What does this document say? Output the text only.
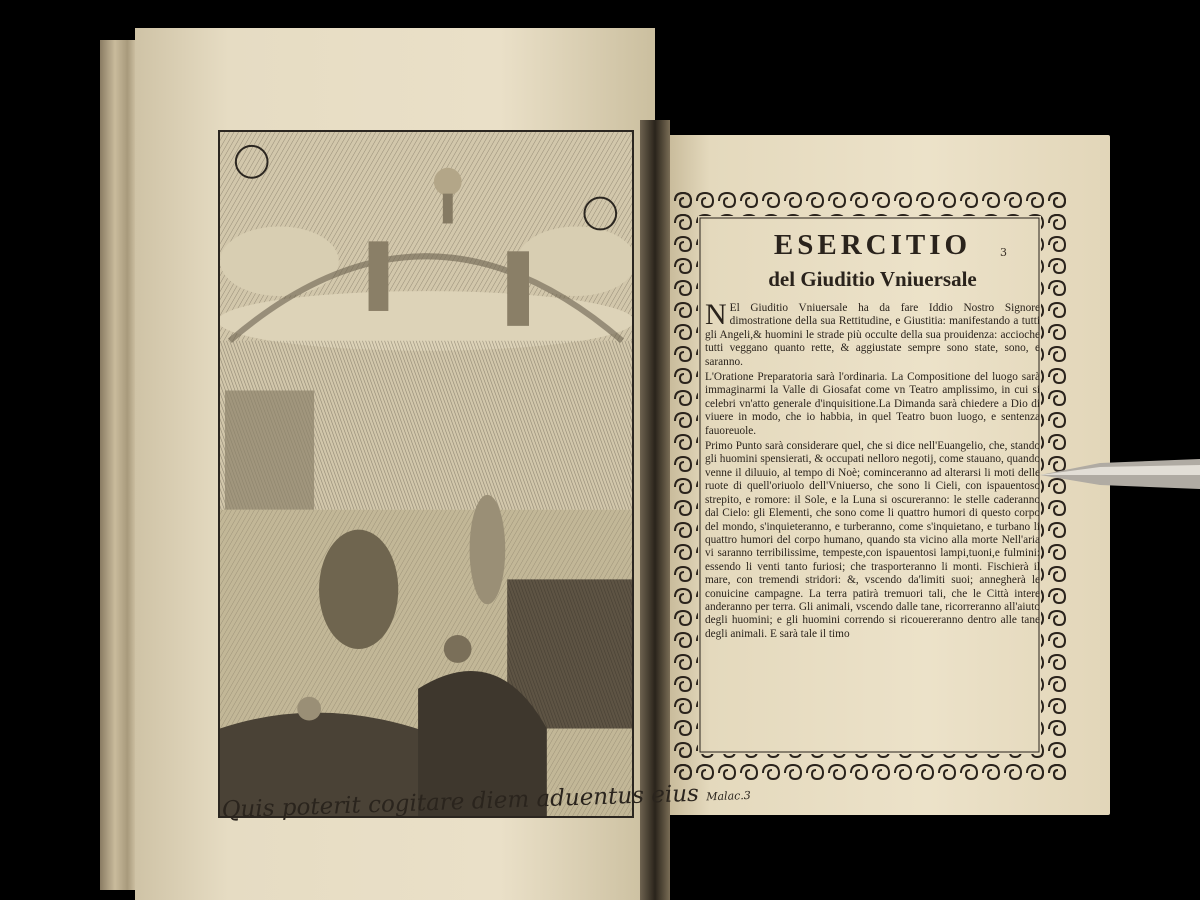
Quis poterit cogitare diem aduentus eius Malac.3
3
ESERCITIO
del Giuditio Vniuersale

N El Giuditio Vniuersale ha da fare Iddio Nostro Signore dimostratione della sua Rettitudine, e Giustitia: manifestando a tutti gli Angeli,& huomini le strade più occulte della sua prouidenza: accioche tutti veggano quanto rette, & aggiustate sempre sono state, sono, e saranno.

L'Oratione Preparatoria sarà l'ordinaria. La Compositione del luogo sarà immaginarmi la Valle di Giosafat come vn Teatro amplissimo, in cui si celebri vn'atto generale d'inquisitione.La Dimanda sarà chiedere a Dio di viuere in modo, che io habbia, in quel Teatro buon luogo, e sentenza fauoreuole.

Primo Punto sarà considerare quel, che si dice nell'Euangelio, che, stando gli huomini spensierati, & occupati nelloro negotij, come stauano, quando venne il diluuio, al tempo di Noè; cominceranno ad alterarsi li moti delle ruote di quell'oriuolo dell'Vniuerso, che sono li Cieli, con ispauentoso strepito, e romore: il Sole, e la Luna si oscureranno: le stelle caderanno dal Cielo: gli Elementi, che sono come li quattro humori di questo corpo del mondo, s'inquieteranno, e turberanno, come s'inquietano, e turbano li quattro humori del corpo humano, quando sta vicino alla morte Nell'aria vi saranno terribilissime, tempeste,con ispauentosi lampi,tuoni,e fulmini: essendo li venti tanto furiosi; che trasporteranno li monti. Fischierà il mare, con tremendi stridori: &, vscendo da'limiti suoi; annegherà le conuicine campagne. La terra patirà tremuori tali, che le Città intere anderanno per terra. Gli animali, vscendo dalle tane, ricorreranno all'aiuto degli huomini; e gli huomini correndo si ricouereranno dentro alle tane degli animali. E sarà tale il timo
